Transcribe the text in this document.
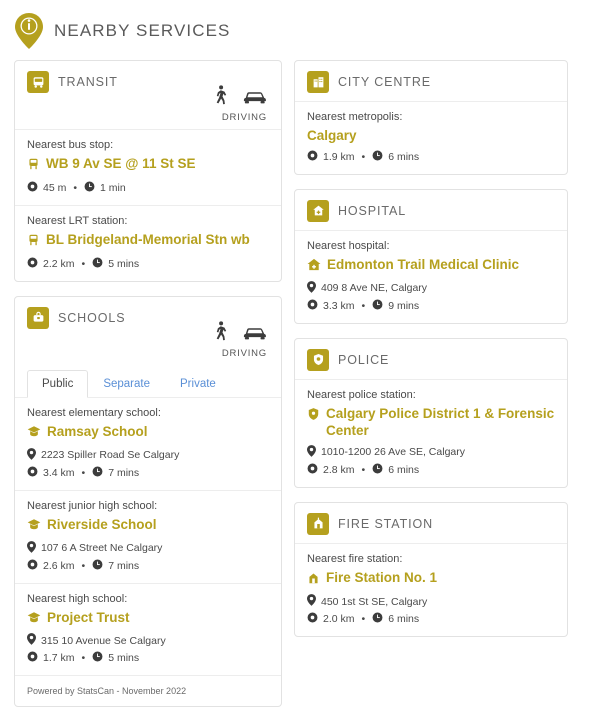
NEARBY SERVICES
TRANSIT
DRIVING
Nearest bus stop:
WB 9 Av SE @ 11 St SE
45 m • 1 min
Nearest LRT station:
BL Bridgeland-Memorial Stn wb
2.2 km • 5 mins
SCHOOLS
DRIVING
Public	Separate	Private
Nearest elementary school:
Ramsay School
2223 Spiller Road Se Calgary
3.4 km • 7 mins
Nearest junior high school:
Riverside School
107 6 A Street Ne Calgary
2.6 km • 7 mins
Nearest high school:
Project Trust
315 10 Avenue Se Calgary
1.7 km • 5 mins
Powered by StatsCan - November 2022
CITY CENTRE
Nearest metropolis:
Calgary
1.9 km • 6 mins
HOSPITAL
Nearest hospital:
Edmonton Trail Medical Clinic
409 8 Ave NE, Calgary
3.3 km • 9 mins
POLICE
Nearest police station:
Calgary Police District 1 & Forensic Center
1010-1200 26 Ave SE, Calgary
2.8 km • 6 mins
FIRE STATION
Nearest fire station:
Fire Station No. 1
450 1st St SE, Calgary
2.0 km • 6 mins
